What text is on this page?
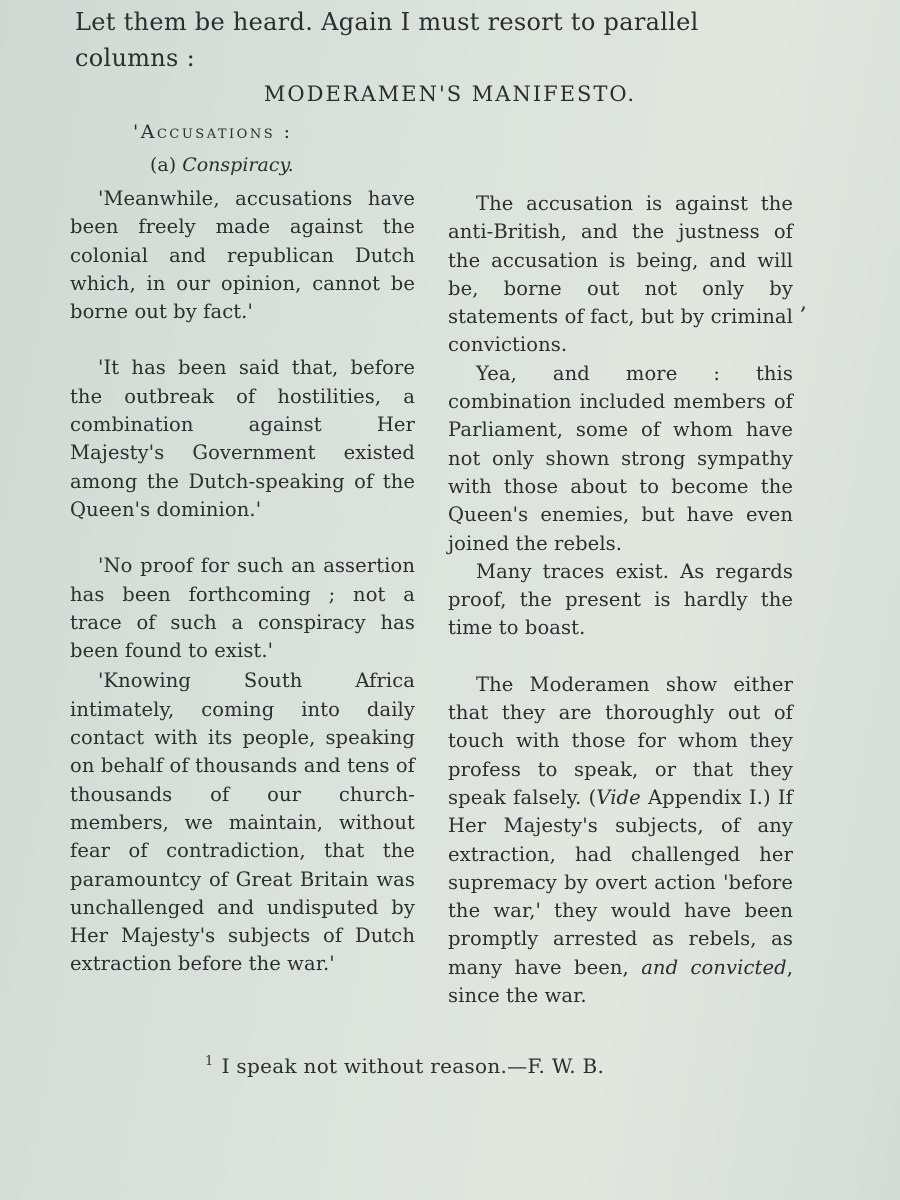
Let them be heard. Again I must resort to parallel columns :
MODERAMEN'S MANIFESTO.
'Accusations :
(a) Conspiracy.

'Meanwhile, accusations have been freely made against the colonial and republican Dutch which, in our opinion, cannot be borne out by fact.'

'It has been said that, before the outbreak of hostilities, a combination against Her Majesty's Government existed among the Dutch-speaking of the Queen's dominion.'

'No proof for such an assertion has been forthcoming ; not a trace of such a conspiracy has been found to exist.'

'Knowing South Africa intimately, coming into daily contact with its people, speaking on behalf of thousands and tens of thousands of our church-members, we maintain, without fear of contradiction, that the paramountcy of Great Britain was unchallenged and undisputed by Her Majesty's subjects of Dutch extraction before the war.'

The accusation is against the anti-British, and the justness of the accusation is being, and will be, borne out not only by statements of fact, but by criminal convictions.

Yea, and more : this combination included members of Parliament, some of whom have not only shown strong sympathy with those about to become the Queen's enemies, but have even joined the rebels.

Many traces exist. As regards proof, the present is hardly the time to boast.

The Moderamen show either that they are thoroughly out of touch with those for whom they profess to speak, or that they speak falsely. (Vide Appendix I.) If Her Majesty's subjects, of any extraction, had challenged her supremacy by overt action 'before the war,' they would have been promptly arrested as rebels, as many have been, and convicted, since the war.

,
$^1$ I speak not without reason.—F. W. B.
